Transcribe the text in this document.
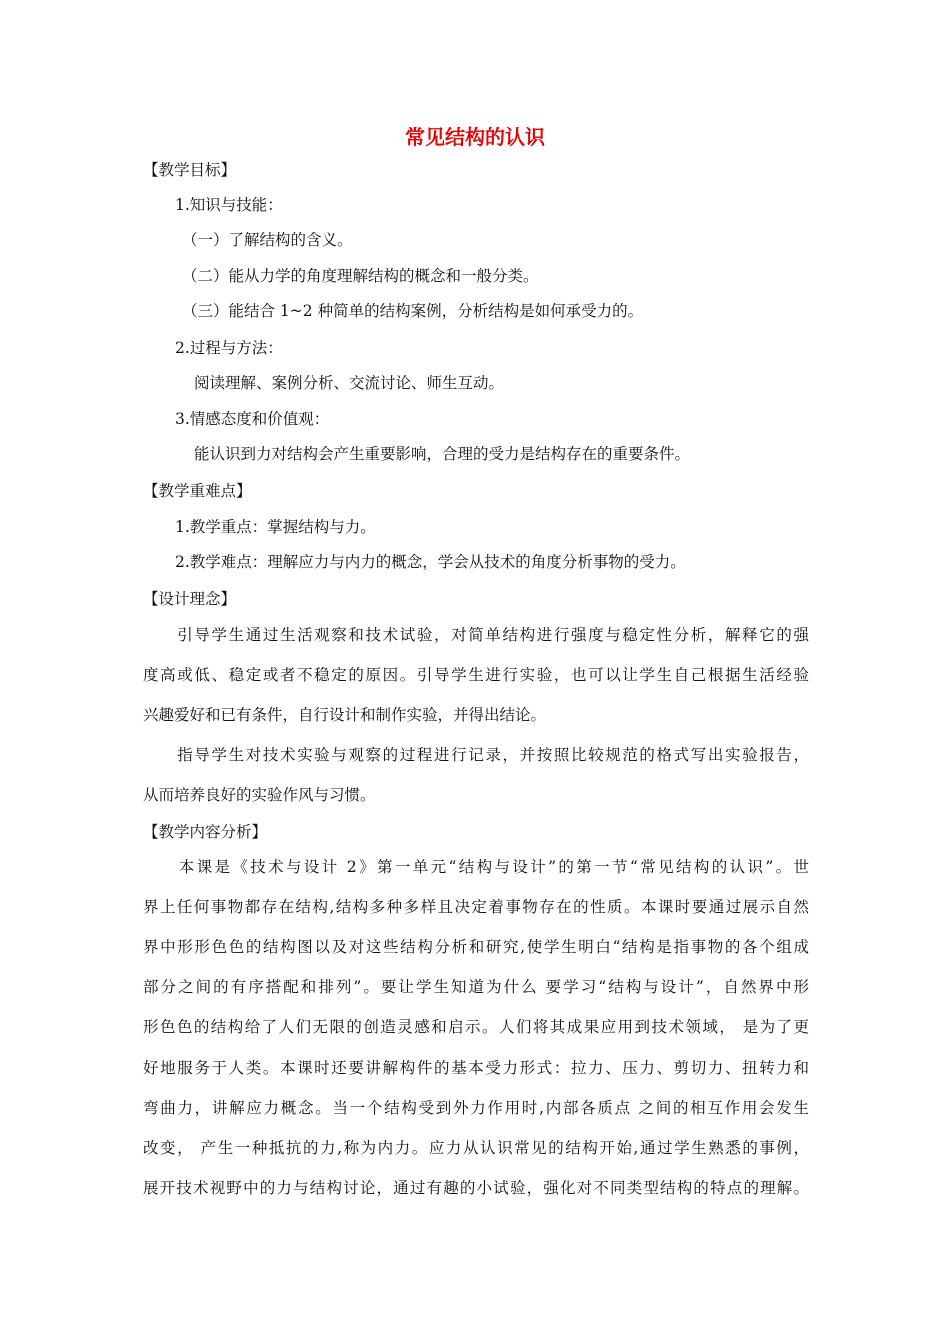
常见结构的认识
【教学目标】
1.知识与技能：
（一）了解结构的含义。
（二）能从力学的角度理解结构的概念和一般分类。
（三）能结合 1~2 种简单的结构案例，分析结构是如何承受力的。
2.过程与方法：
阅读理解、案例分析、交流讨论、师生互动。
3.情感态度和价值观：
能认识到力对结构会产生重要影响，合理的受力是结构存在的重要条件。
【教学重难点】
1.教学重点：掌握结构与力。
2.教学难点：理解应力与内力的概念，学会从技术的角度分析事物的受力。
【设计理念】
　　引导学生通过生活观察和技术试验，对简单结构进行强度与稳定性分析，解释它的强
度高或低、稳定或者不稳定的原因。引导学生进行实验，也可以让学生自己根据生活经验
兴趣爱好和已有条件，自行设计和制作实验，并得出结论。
　　指导学生对技术实验与观察的过程进行记录，并按照比较规范的格式写出实验报告，
从而培养良好的实验作风与习惯。
【教学内容分析】
　　本课是《技术与设计 2》第一单元“结构与设计”的第一节“常见结构的认识”。世
界上任何事物都存在结构,结构多种多样且决定着事物存在的性质。本课时要通过展示自然
界中形形色色的结构图以及对这些结构分析和研究,使学生明白“结构是指事物的各个组成
部分之间的有序搭配和排列”。要让学生知道为什么 要学习“结构与设计”，自然界中形
形色色的结构给了人们无限的创造灵感和启示。人们将其成果应用到技术领域， 是为了更
好地服务于人类。本课时还要讲解构件的基本受力形式：拉力、压力、剪切力、扭转力和
弯曲力，讲解应力概念。当一个结构受到外力作用时,内部各质点 之间的相互作用会发生
改变， 产生一种抵抗的力,称为内力。应力从认识常见的结构开始,通过学生熟悉的事例，
展开技术视野中的力与结构讨论，通过有趣的小试验，强化对不同类型结构的特点的理解。
